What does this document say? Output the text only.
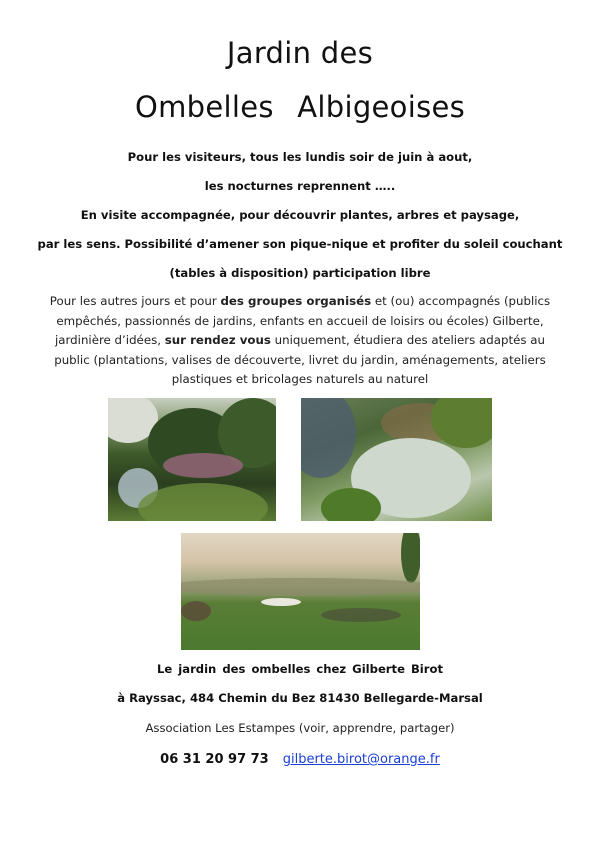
Jardin des
Ombelles Albigeoises
Pour les visiteurs, tous les lundis soir de juin à aout,
les nocturnes reprennent …..
En visite accompagnée, pour découvrir plantes, arbres et paysage,
par les sens. Possibilité d’amener son pique-nique et profiter du soleil couchant
(tables à disposition) participation libre
Pour les autres jours et pour des groupes organisés et (ou) accompagnés (publics empêchés, passionnés de jardins, enfants en accueil de loisirs ou écoles) Gilberte, jardinière d’idées, sur rendez vous uniquement, étudiera des ateliers adaptés au public (plantations, valises de découverte, livret du jardin, aménagements, ateliers plastiques et bricolages naturels au naturel
Le jardin des ombelles chez Gilberte Birot
à Rayssac, 484 Chemin du Bez 81430 Bellegarde-Marsal
Association Les Estampes (voir, apprendre, partager)
06 31 20 97 73 gilberte.birot@orange.fr
